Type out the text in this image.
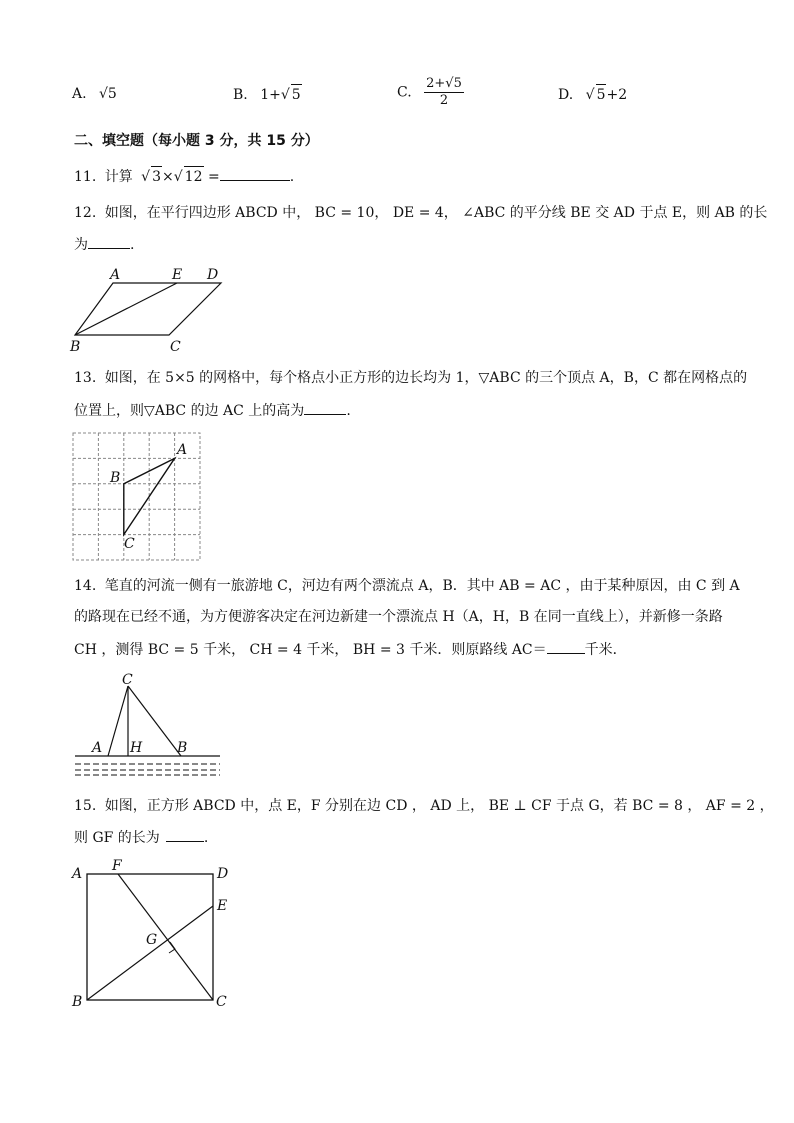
A. √5	B. 1+√ 5	C. $\frac{2+√5}{2}$	D. √ 5+2
二、填空题（每小题 3 分，共 15 分）
11. 计算 √ 3×√ 12 =	.
12. 如图，在平行四边形 ABCD 中， BC = 10， DE = 4， ∠ABC 的平分线 BE 交 AD 于点 E，则 AB 的长
为	.
A	E D
B	C
13. 如图，在 5×5 的网格中，每个格点小正方形的边长均为 1，▽ABC 的三个顶点 A，B，C 都在网格点的
位置上，则▽ABC 的边 AC 上的高为	.
A
B
C
14. 笔直的河流一侧有一旅游地 C，河边有两个漂流点 A，B．其中 AB = AC ，由于某种原因，由 C 到 A
的路现在已经不通，为方便游客决定在河边新建一个漂流点 H（A，H，B 在同一直线上），并新修一条路
CH ，测得 BC = 5 千米， CH = 4 千米， BH = 3 千米．则原路线 AC＝	千米．
C
A H B
15. 如图，正方形 ABCD 中，点 E，F 分别在边 CD ， AD 上， BE ⊥ CF 于点 G，若 BC = 8 ， AF = 2 ，
则 GF 的长为	.
A F	D
E
G
B	C
